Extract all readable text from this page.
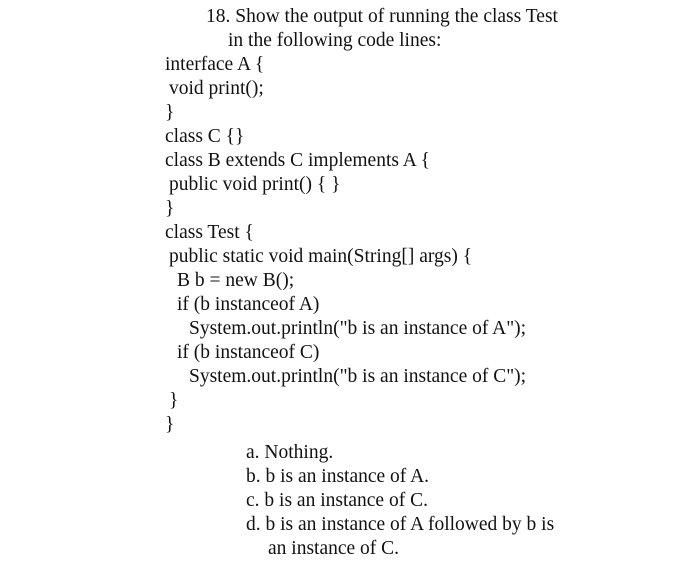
18. Show the output of running the class Test
in the following code lines:
interface A {
void print();
}
class C {}
class B extends C implements A {
public void print() { }
}
class Test {
public static void main(String[] args) {
B b = new B();
if (b instanceof A)
System.out.println("b is an instance of A");
if (b instanceof C)
System.out.println("b is an instance of C");
}
}
a. Nothing.
b. b is an instance of A.
c. b is an instance of C.
d. b is an instance of A followed by b is
an instance of C.
